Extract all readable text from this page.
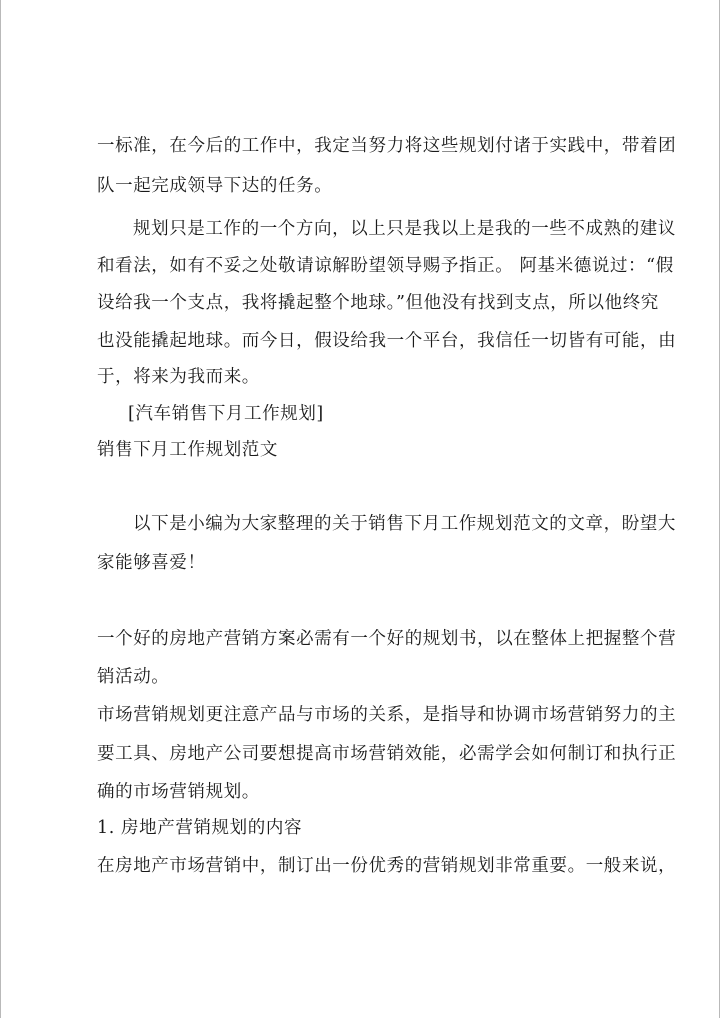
一标准，在今后的工作中，我定当努力将这些规划付诸于实践中，带着团
队一起完成领导下达的任务。
规划只是工作的一个方向，以上只是我以上是我的一些不成熟的建议
和看法，如有不妥之处敬请谅解盼望领导赐予指正。 阿基米德说过：“假
设给我一个支点，我将撬起整个地球。”但他没有找到支点，所以他终究
也没能撬起地球。而今日，假设给我一个平台，我信任一切皆有可能，由
于，将来为我而来。
[汽车销售下月工作规划]
销售下月工作规划范文
以下是小编为大家整理的关于销售下月工作规划范文的文章，盼望大
家能够喜爱！
一个好的房地产营销方案必需有一个好的规划书，以在整体上把握整个营
销活动。
市场营销规划更注意产品与市场的关系，是指导和协调市场营销努力的主
要工具、房地产公司要想提高市场营销效能，必需学会如何制订和执行正
确的市场营销规划。
1. 房地产营销规划的内容
在房地产市场营销中，制订出一份优秀的营销规划非常重要。一般来说，
